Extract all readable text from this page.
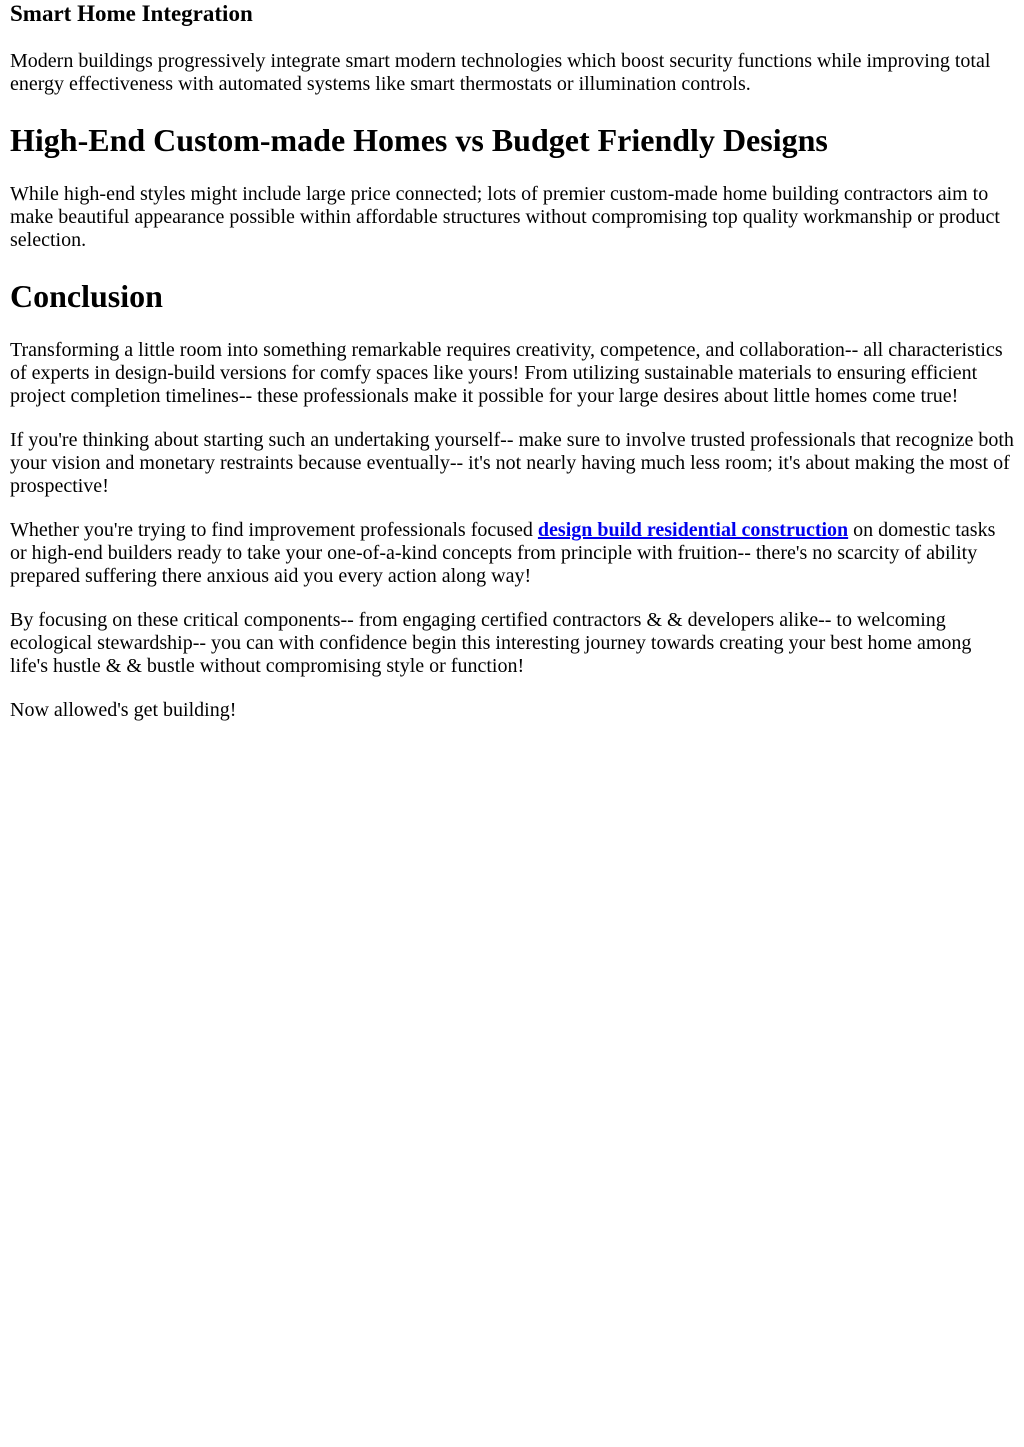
Smart Home Integration

Modern buildings progressively integrate smart modern technologies which boost security functions while improving total energy effectiveness with automated systems like smart thermostats or illumination controls.

High-End Custom-made Homes vs Budget Friendly Designs

While high-end styles might include large price connected; lots of premier custom-made home building contractors aim to make beautiful appearance possible within affordable structures without compromising top quality workmanship or product selection.

Conclusion

Transforming a little room into something remarkable requires creativity, competence, and collaboration-- all characteristics of experts in design-build versions for comfy spaces like yours! From utilizing sustainable materials to ensuring efficient project completion timelines-- these professionals make it possible for your large desires about little homes come true!

If you're thinking about starting such an undertaking yourself-- make sure to involve trusted professionals that recognize both your vision and monetary restraints because eventually-- it's not nearly having much less room; it's about making the most of prospective!

Whether you're trying to find improvement professionals focused design build residential construction on domestic tasks or high-end builders ready to take your one-of-a-kind concepts from principle with fruition-- there's no scarcity of ability prepared suffering there anxious aid you every action along way!

By focusing on these critical components-- from engaging certified contractors & & developers alike-- to welcoming ecological stewardship-- you can with confidence begin this interesting journey towards creating your best home among life's hustle & & bustle without compromising style or function!

Now allowed's get building!
